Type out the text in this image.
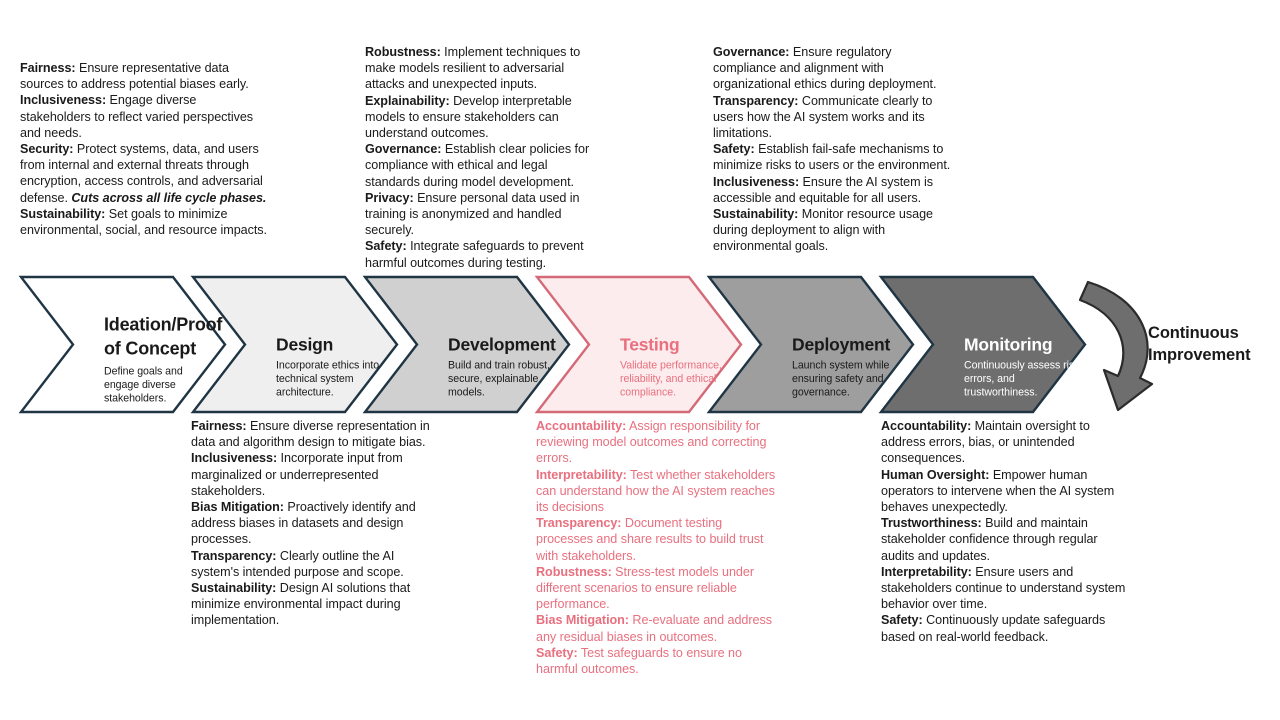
Fairness: Ensure representative data sources to address potential biases early.

Inclusiveness: Engage diverse stakeholders to reflect varied perspectives and needs.

Security: Protect systems, data, and users from internal and external threats through encryption, access controls, and adversarial defense. Cuts across all life cycle phases.

Sustainability: Set goals to minimize environmental, social, and resource impacts.

Robustness: Implement techniques to make models resilient to adversarial attacks and unexpected inputs.

Explainability: Develop interpretable models to ensure stakeholders can understand outcomes.

Governance: Establish clear policies for compliance with ethical and legal standards during model development.

Privacy: Ensure personal data used in training is anonymized and handled securely.

Safety: Integrate safeguards to prevent harmful outcomes during testing.

Governance: Ensure regulatory compliance and alignment with organizational ethics during deployment.

Transparency: Communicate clearly to users how the AI system works and its limitations.

Safety: Establish fail-safe mechanisms to minimize risks to users or the environment.

Inclusiveness: Ensure the AI system is accessible and equitable for all users.

Sustainability: Monitor resource usage during deployment to align with environmental goals.

Ideation/Proof
of Concept
Define goals and
engage diverse
stakeholders.
Design
Incorporate ethics into
technical system
architecture.
Development
Build and train robust,
secure, explainable
models.
Testing
Validate performance,
reliability, and ethical
compliance.
Deployment
Launch system while
ensuring safety and
governance.
Monitoring
Continuously assess risks,
errors, and
trustworthiness.
Continuous
Improvement

Fairness: Ensure diverse representation in data and algorithm design to mitigate bias.

Inclusiveness: Incorporate input from marginalized or underrepresented stakeholders.

Bias Mitigation: Proactively identify and address biases in datasets and design processes.

Transparency: Clearly outline the AI system's intended purpose and scope.

Sustainability: Design AI solutions that minimize environmental impact during implementation.

Accountability: Assign responsibility for reviewing model outcomes and correcting errors.

Interpretability: Test whether stakeholders can understand how the AI system reaches its decisions

Transparency: Document testing processes and share results to build trust with stakeholders.

Robustness: Stress-test models under different scenarios to ensure reliable performance.

Bias Mitigation: Re-evaluate and address any residual biases in outcomes.

Safety: Test safeguards to ensure no harmful outcomes.

Accountability: Maintain oversight to address errors, bias, or unintended consequences.

Human Oversight: Empower human operators to intervene when the AI system behaves unexpectedly.

Trustworthiness: Build and maintain stakeholder confidence through regular audits and updates.

Interpretability: Ensure users and stakeholders continue to understand system behavior over time.

Safety: Continuously update safeguards based on real-world feedback.
